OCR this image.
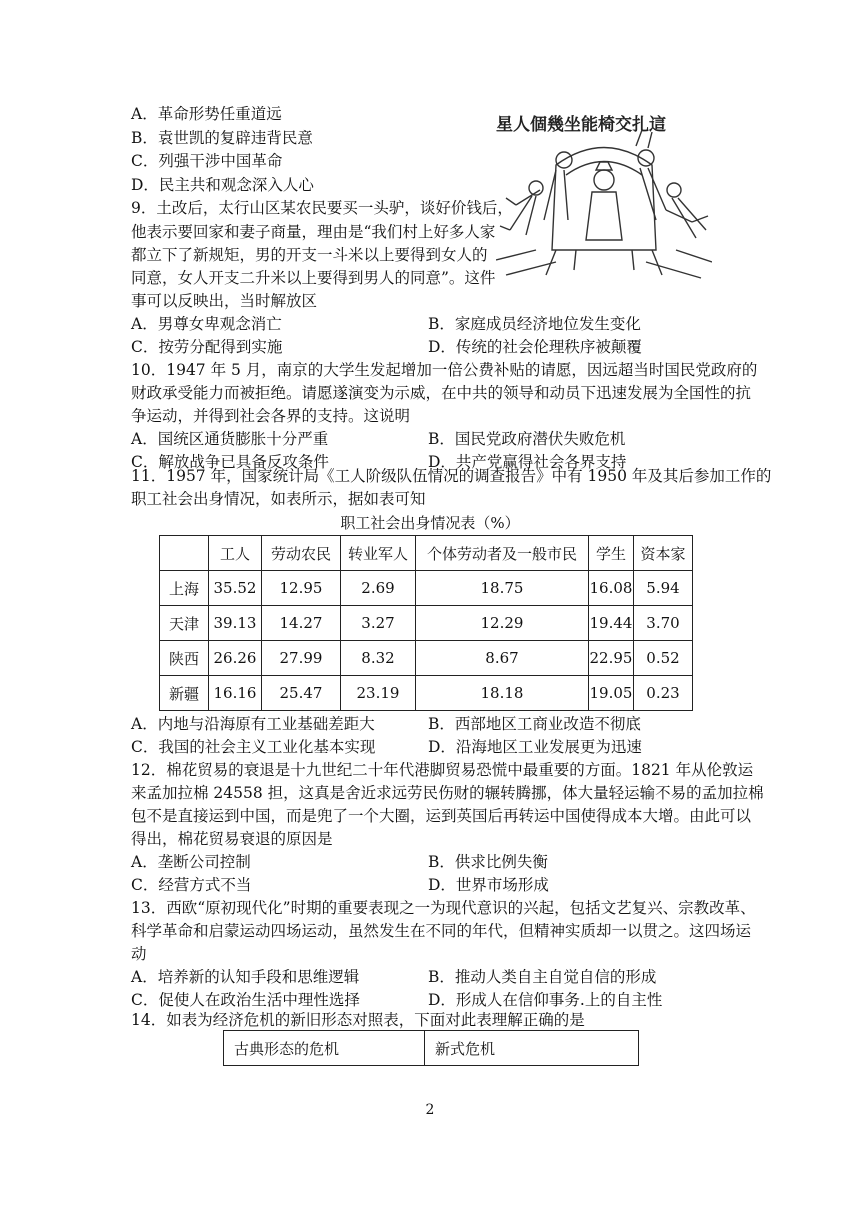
A．革命形势任重道远
B．袁世凯的复辟违背民意
C．列强干涉中国革命
D．民主共和观念深入人心
星人個幾坐能椅交扎這
9．土改后，太行山区某农民要买一头驴，谈好价钱后，
他表示要回家和妻子商量，理由是“我们村上好多人家
都立下了新规矩，男的开支一斗米以上要得到女人的
同意，女人开支二升米以上要得到男人的同意”。这件
事可以反映出，当时解放区
A．男尊女卑观念消亡	B．家庭成员经济地位发生变化
C．按劳分配得到实施	D．传统的社会伦理秩序被颠覆
10．1947 年 5 月，南京的大学生发起增加一倍公费补贴的请愿，因远超当时国民党政府的
财政承受能力而被拒绝。请愿遂演变为示威，在中共的领导和动员下迅速发展为全国性的抗
争运动，并得到社会各界的支持。这说明
A．国统区通货膨胀十分严重	B．国民党政府潜伏失败危机
C．解放战争已具备反攻条件	D．共产党赢得社会各界支持
11．1957 年，国家统计局《工人阶级队伍情况的调查报告》中有 1950 年及其后参加工作的
职工社会出身情况，如表所示，据如表可知
职工社会出身情况表（%）
	工人	劳动农民	转业军人	个体劳动者及一般市民	学生	资本家
上海	35.52	12.95	2.69	18.75	16.08	5.94
天津	39.13	14.27	3.27	12.29	19.44	3.70
陕西	26.26	27.99	8.32	8.67	22.95	0.52
新疆	16.16	25.47	23.19	18.18	19.05	0.23
A．内地与沿海原有工业基础差距大	B．西部地区工商业改造不彻底
C．我国的社会主义工业化基本实现	D．沿海地区工业发展更为迅速
12．棉花贸易的衰退是十九世纪二十年代港脚贸易恐慌中最重要的方面。1821 年从伦敦运
来孟加拉棉 24558 担，这真是舍近求远劳民伤财的辗转腾挪，体大量轻运输不易的孟加拉棉
包不是直接运到中国，而是兜了一个大圈，运到英国后再转运中国使得成本大增。由此可以
得出，棉花贸易衰退的原因是
A．垄断公司控制	B．供求比例失衡
C．经营方式不当	D．世界市场形成
13．西欧“原初现代化”时期的重要表现之一为现代意识的兴起，包括文艺复兴、宗教改革、
科学革命和启蒙运动四场运动，虽然发生在不同的年代，但精神实质却一以贯之。这四场运
动
A．培养新的认知手段和思维逻辑	B．推动人类自主自觉自信的形成
C．促使人在政治生活中理性选择	D．形成人在信仰事务.上的自主性
14．如表为经济危机的新旧形态对照表，下面对此表理解正确的是
古典形态的危机	新式危机
2
